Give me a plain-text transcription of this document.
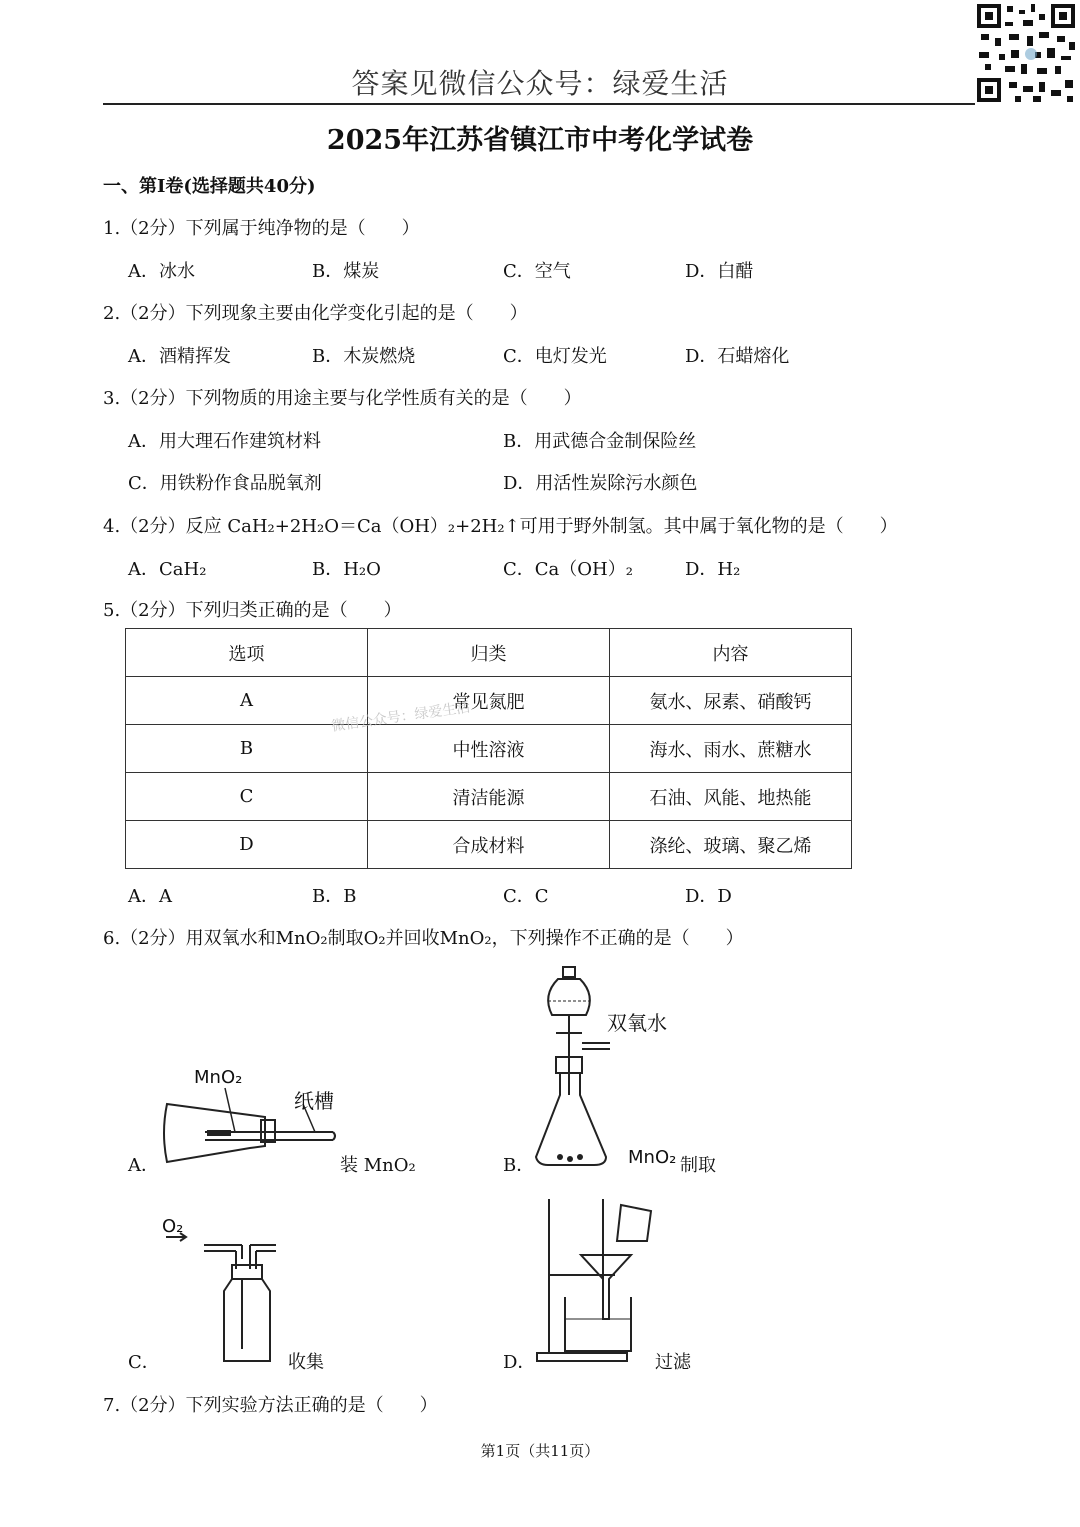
答案见微信公众号：绿爱生活
2025年江苏省镇江市中考化学试卷
一、第Ⅰ卷(选择题共40分)
1.（2分）下列属于纯净物的是（　　）
A．冰水	B．煤炭	C．空气	D．白醋
2.（2分）下列现象主要由化学变化引起的是（　　）
A．酒精挥发	B．木炭燃烧	C．电灯发光	D．石蜡熔化
3.（2分）下列物质的用途主要与化学性质有关的是（　　）
A．用大理石作建筑材料	B．用武德合金制保险丝
C．用铁粉作食品脱氧剂	D．用活性炭除污水颜色
4.（2分）反应 CaH₂+2H₂O＝Ca（OH）₂+2H₂↑可用于野外制氢。其中属于氧化物的是（　　）
A．CaH₂	B．H₂O	C．Ca（OH）₂	D．H₂
5.（2分）下列归类正确的是（　　）
选项	归类	内容
A	常见氮肥	氨水、尿素、硝酸钙
B	中性溶液	海水、雨水、蔗糖水
C	清洁能源	石油、风能、地热能
D	合成材料	涤纶、玻璃、聚乙烯
微信公众号：绿爱生活
A．A	B．B	C．C	D．D
6.（2分）用双氧水和MnO₂制取O₂并回收MnO₂，下列操作不正确的是（　　）
MnO₂
纸槽
A．	装 MnO₂
双氧水
B．	MnO₂ 制取
O₂
C．	收集	D．	过滤
7.（2分）下列实验方法正确的是（　　）
第1页（共11页）
